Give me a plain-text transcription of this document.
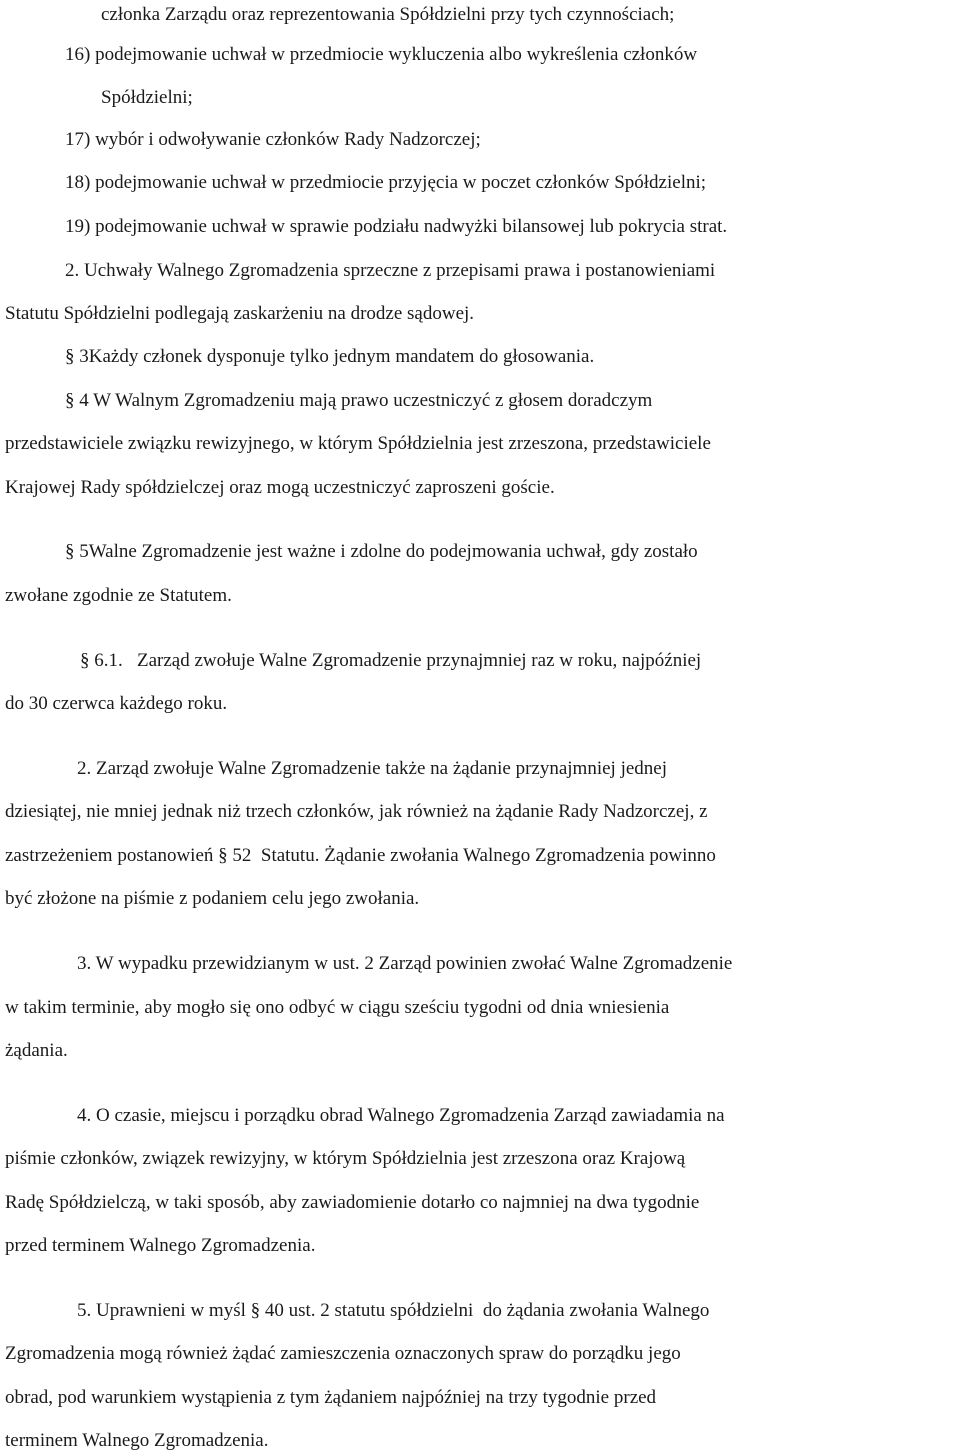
członka Zarządu oraz reprezentowania Spółdzielni przy tych czynnościach;
16) podejmowanie uchwał w przedmiocie wykluczenia albo wykreślenia członków
Spółdzielni;
17) wybór i odwoływanie członków Rady Nadzorczej;
18) podejmowanie uchwał w przedmiocie przyjęcia w poczet członków Spółdzielni;
19) podejmowanie uchwał w sprawie podziału nadwyżki bilansowej lub pokrycia strat.
2. Uchwały Walnego Zgromadzenia sprzeczne z przepisami prawa i postanowieniami
Statutu Spółdzielni podlegają zaskarżeniu na drodze sądowej.
§ 3Każdy członek dysponuje tylko jednym mandatem do głosowania.
§ 4 W Walnym Zgromadzeniu mają prawo uczestniczyć z głosem doradczym
przedstawiciele związku rewizyjnego, w którym Spółdzielnia jest zrzeszona, przedstawiciele
Krajowej Rady spółdzielczej oraz mogą uczestniczyć zaproszeni goście.
§ 5Walne Zgromadzenie jest ważne i zdolne do podejmowania uchwał, gdy zostało
zwołane zgodnie ze Statutem.
§ 6.1.   Zarząd zwołuje Walne Zgromadzenie przynajmniej raz w roku, najpóźniej
do 30 czerwca każdego roku.
2. Zarząd zwołuje Walne Zgromadzenie także na żądanie przynajmniej jednej
dziesiątej, nie mniej jednak niż trzech członków, jak również na żądanie Rady Nadzorczej, z
zastrzeżeniem postanowień § 52  Statutu. Żądanie zwołania Walnego Zgromadzenia powinno
być złożone na piśmie z podaniem celu jego zwołania.
3. W wypadku przewidzianym w ust. 2 Zarząd powinien zwołać Walne Zgromadzenie
w takim terminie, aby mogło się ono odbyć w ciągu sześciu tygodni od dnia wniesienia
żądania.
4. O czasie, miejscu i porządku obrad Walnego Zgromadzenia Zarząd zawiadamia na
piśmie członków, związek rewizyjny, w którym Spółdzielnia jest zrzeszona oraz Krajową
Radę Spółdzielczą, w taki sposób, aby zawiadomienie dotarło co najmniej na dwa tygodnie
przed terminem Walnego Zgromadzenia.
5. Uprawnieni w myśl § 40 ust. 2 statutu spółdzielni  do żądania zwołania Walnego
Zgromadzenia mogą również żądać zamieszczenia oznaczonych spraw do porządku jego
obrad, pod warunkiem wystąpienia z tym żądaniem najpóźniej na trzy tygodnie przed
terminem Walnego Zgromadzenia.
